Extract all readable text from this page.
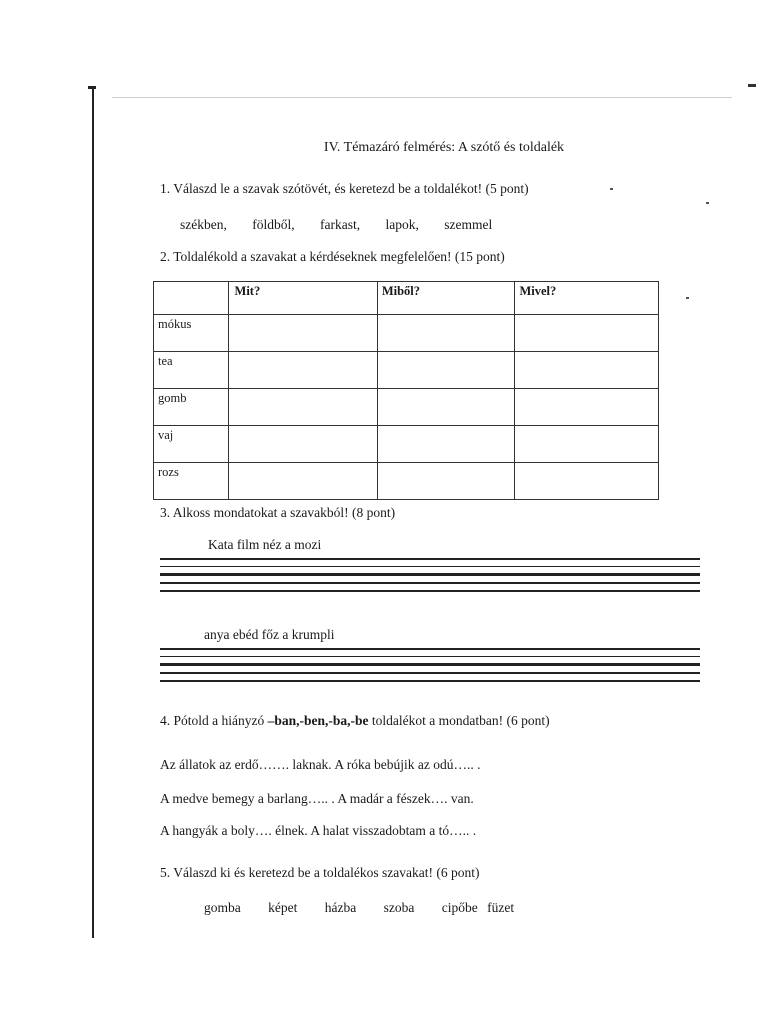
IV. Témazáró felmérés: A szótő és toldalék
1. Válaszd le a szavak szótövét, és keretezd be a toldalékot! (5 pont)
székben, földből, farkast, lapok, szemmel
2. Toldalékold a szavakat a kérdéseknek megfelelően! (15 pont)
	Mit?	Miből?	Mivel?
mókus			
tea			
gomb			
vaj			
rozs			
3. Alkoss mondatokat a szavakból! (8 pont)
Kata film néz a mozi
anya ebéd főz a krumpli
4. Pótold a hiányzó –ban,-ben,-ba,-be toldalékot a mondatban! (6 pont)
Az állatok az erdő……. laknak. A róka bebújik az odú….. .
A medve bemegy a barlang….. . A madár a fészek…. van.
A hangyák a boly…. élnek. A halat visszadobtam a tó….. .
5. Válaszd ki és keretezd be a toldalékos szavakat! (6 pont)
gomba képet házba szoba cipőbe füzet
